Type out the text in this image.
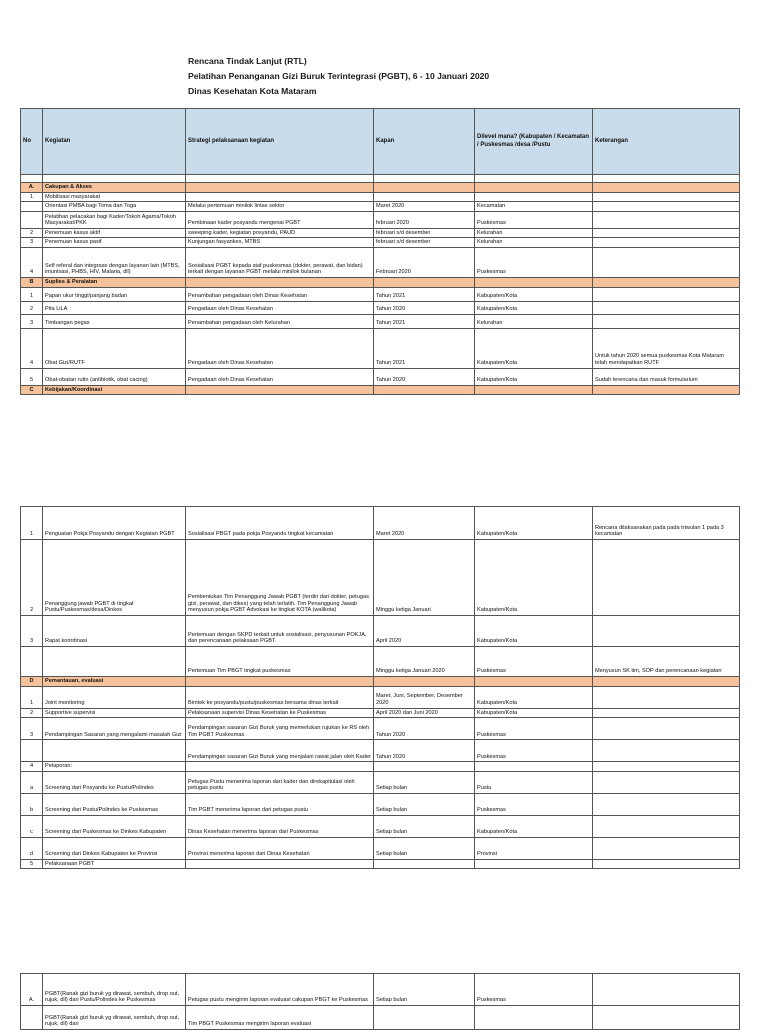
Rencana Tindak Lanjut (RTL)
Pelatihan Penanganan Gizi Buruk Terintegrasi (PGBT), 6 - 10 Januari 2020
Dinas Kesehatan Kota Mataram
No	Kegiatan	Strategi pelaksanaan kegiatan	Kapan	Dilevel mana? (Kabupaten / Kecamatan / Puskesmas /desa /Pustu	Keterangan

A.	Cakupan & Akses				
1	Mobilisasi masyarakat				
	Orientasi PMBA bagi Toma dan Toga	Melalui pertemuan minilok lintas sektor	Maret 2020	Kecamatan	
	Pelatihan pelacakan bagi Kader/Tokoh Agama/Tokoh Masyarakat/PKK	Pembinaan kader posyandu mengenai PGBT	februari 2020	Puskesmas	
2	Penemuan kasus aktif	sweeping kader, kegiatan posyandu, PAUD	februari s/d desember	Kelurahan	
3	Penemuan kasus pasif	Kunjungan fasyankes, MTBS	februari s/d desember	Kelurahan	
4	Self referal dan integrase dengan layanan lain (MTBS, imunisasi, PHBS, HIV, Malaria, dll)	Sosialisasi PGBT kepada staf puskesmas (dokter, perawat, dan bidan) terkait dengan layanan PGBT melalui minilok bulanan	Februari 2020	Puskesmas	
B	Suplies & Peralatan				
1	Papan ukur tinggi/panjang badan	Penambahan pengadaan oleh Dinas Kesehatan	Tahun 2021	Kabupaten/Kota	
2	Pita LiLA	Pengadaan oleh Dinas Kesehatan	Tahun 2020	Kabupaten/Kota	
3	Timbangan pegas	Penambahan pengadaan oleh Kelurahan	Tahun 2021	Kelurahan	
4	Obat Gizi/RUTF	Pengadaan oleh Dinas Kesehatan	Tahun 2021	Kabupaten/Kota	Untuk tahun 2020 semua puskesmas Kota Mataram telah mendapatkan RUTF
5	Obat-obatan rutin (antibiotik, obat cacing)	Pengadaan oleh Dinas Kesehatan	Tahun 2020	Kabupaten/Kota	Sudah terencana dan masuk formularium
C	Kebijakan/Koordinasi				
1	Penguatan Pokja Posyandu dengan Kegiatan PGBT	Sosialisasi PBGT pada pokja Posyandu tingkat kecamatan	Maret 2020	Kabupaten/Kota	Rencana dilaksanakan pada pada triwulan 1 pada 3 kecamatan
2	Penanggung jawab PGBT di tingkat Pustu/Puskesmas/desa/Dinkes	Pembentukan Tim Penanggung Jawab PGBT (terdiri dari dokter, petugas gizi, perawat, dan dikes) yang telah terlatih. Tim Penanggung Jawab menyusun pokja PGBT Advokasi ke tingkat KOTA (walikota)	Minggu ketiga Januari	Kabupaten/Kota	
3	Rapat koordinasi	Pertemuan dengan SKPD terkait untuk sosialisasi, penyusunan POKJA, dan perencanaan pelaksaan PGBT.	April 2020	Kabupaten/Kota	
		Pertemuan Tim PBGT tingkat puskesmas	Minggu ketiga Januari 2020	Puskesmas	Menyusun SK tim, SOP dan perencanaan kegiatan
D	Pemantauan, evaluasi				
1	Joint monitoring	Bimtek ke posyandu/pustu/puskesmas bersama dinas terkait	Maret, Juni, September, Desember 2020	Kabupaten/Kota	
2	Supportive supervisi	Pelaksanaan supervisi Dinas Kesehatan ke Puskesmas	April 2020 dan Juni 2020	Kabupaten/Kota	
3	Pendampingan Sasaran yang mengalami masalah Gizi	Pendampingan sasaran Gizi Buruk yang memerlukan rujukan ke RS oleh Tim PGBT Puskesmas	Tahun 2020	Puskesmas	
		Pendampingan sasaran Gizi Buruk yang menjalani rawat jalan oleh Kader	Tahun 2020	Puskesmas	
4	Pelaporan:				
a	Screening dari Posyandu ke Pustu/Polindes	Petugas Pustu menerima laporan dari kader dan direkapitulasi oleh petugas pustu	Setiap bulan	Pustu	
b	Screening dari Pustu/Polindes ke Puskesmas	Tim PGBT menerima laporan dari petugas pustu	Setiap bulan	Puskesmas	
c	Screening dari Puskesmas ke Dinkes Kabupaten	Dinas Kesehatan menerima laporan dari Puskesmas	Setiap bulan	Kabupaten/Kota	
d	Screening dari Dinkes Kabupaten ke Provinsi	Provinsi menerima laporan dari Dinas Kesehatan	Setiap bulan	Provinsi	
5	Pelaksanaan PGBT				
A.	PGBT(Ranak gizi buruk yg dirawat, sembuh, drop out, rujuk, dll) dari Pustu/Polindes ke Puskesmas	Petugas pustu mengirim laporan evaluasi cakupan PBGT ke Puskesmas	Setiap bulan	Puskesmas	
	PGBT(Ranak gizi buruk yg dirawat, sembuh, drop out, rujuk, dll) dari	Tim PBGT Puskesmas mengirim laporan evaluasi			
